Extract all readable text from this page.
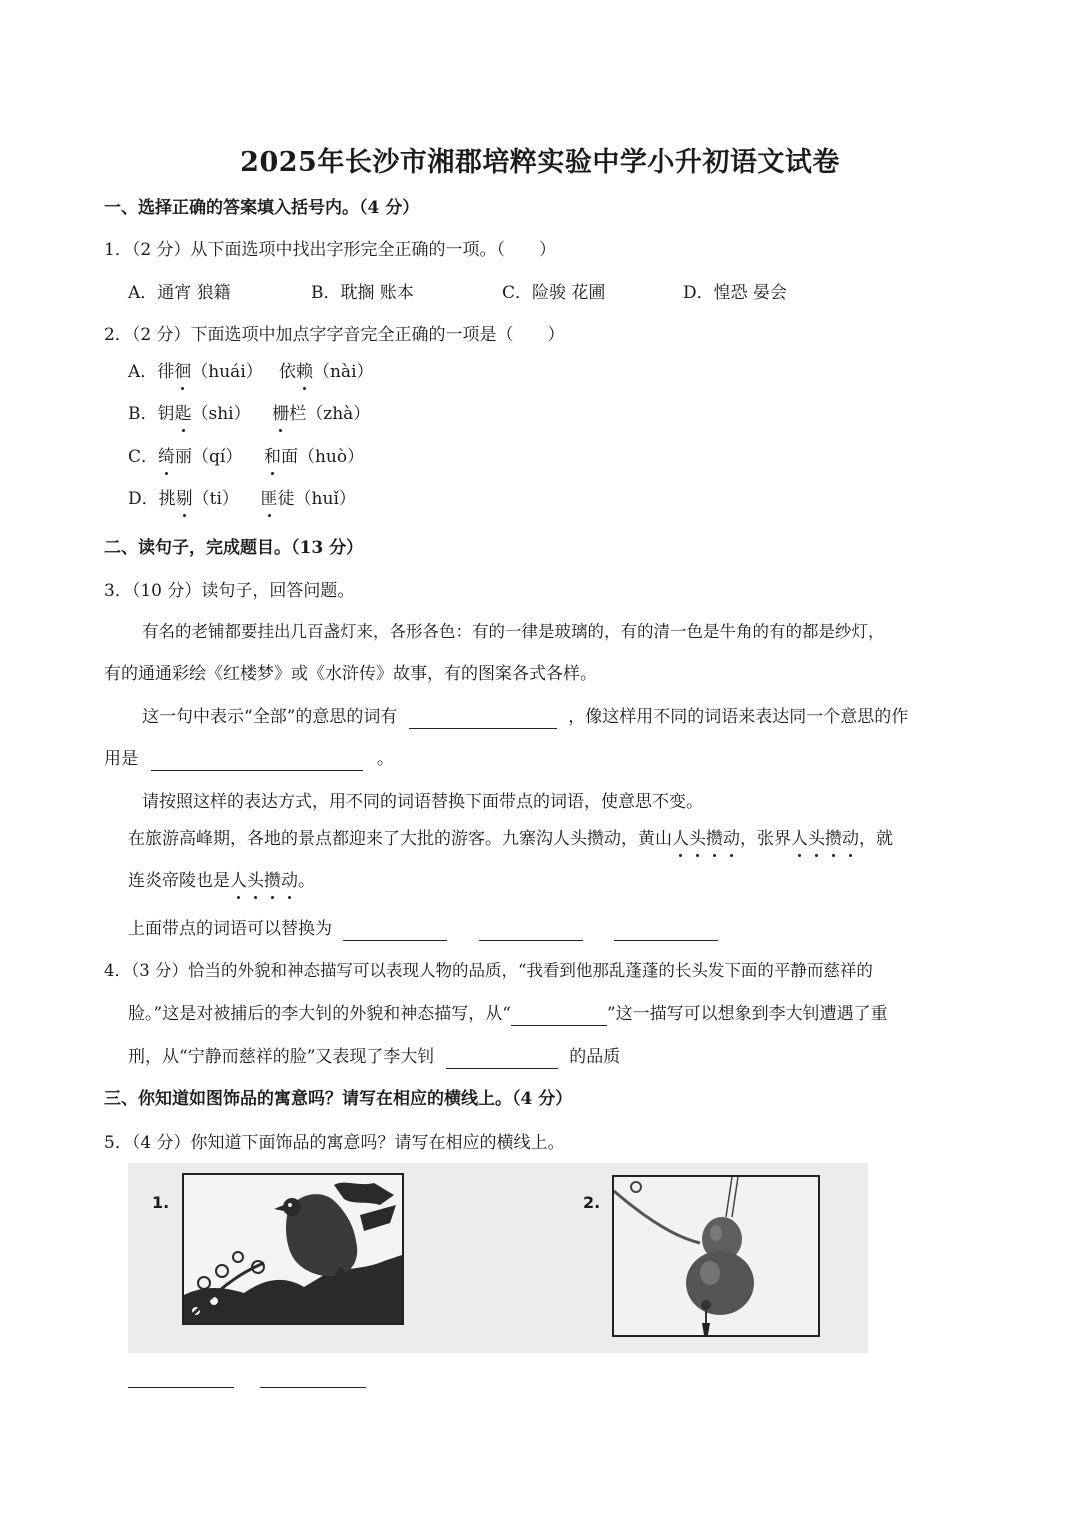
2025年长沙市湘郡培粹实验中学小升初语文试卷
一、选择正确的答案填入括号内。（4 分）
1．（2 分）从下面选项中找出字形完全正确的一项。（　　）
A．通宵 狼籍	B．耽搁 账本	C．险骏 花圃	D．惶恐 晏会
2．（2 分）下面选项中加点字字音完全正确的一项是（　　）
A．徘徊（huái） 依赖（nài）
B．钥匙（shi） 栅栏（zhà）
C．绮丽（qí） 和面（huò）
D．挑剔（ti） 匪徒（huǐ）
二、读句子，完成题目。（13 分）
3．（10 分）读句子，回答问题。
有名的老铺都要挂出几百盏灯来，各形各色：有的一律是玻璃的，有的清一色是牛角的有的都是纱灯，
有的通通彩绘《红楼梦》或《水浒传》故事，有的图案各式各样。
这一句中表示“全部”的意思的词有	，像这样用不同的词语来表达同一个意思的作
用是	。
请按照这样的表达方式，用不同的词语替换下面带点的词语，使意思不变。
在旅游高峰期，各地的景点都迎来了大批的游客。九寨沟人头攒动，黄山人头攒动，张界人头攒动，就
连炎帝陵也是人头攒动。
上面带点的词语可以替换为
4．（3 分）恰当的外貌和神态描写可以表现人物的品质，“我看到他那乱蓬蓬的长头发下面的平静而慈祥的
脸。”这是对被捕后的李大钊的外貌和神态描写，从“	”这一描写可以想象到李大钊遭遇了重
刑，从“宁静而慈祥的脸”又表现了李大钊	的品质
三、你知道如图饰品的寓意吗？请写在相应的横线上。（4 分）
5．（4 分）你知道下面饰品的寓意吗？请写在相应的横线上。
1.	2.
